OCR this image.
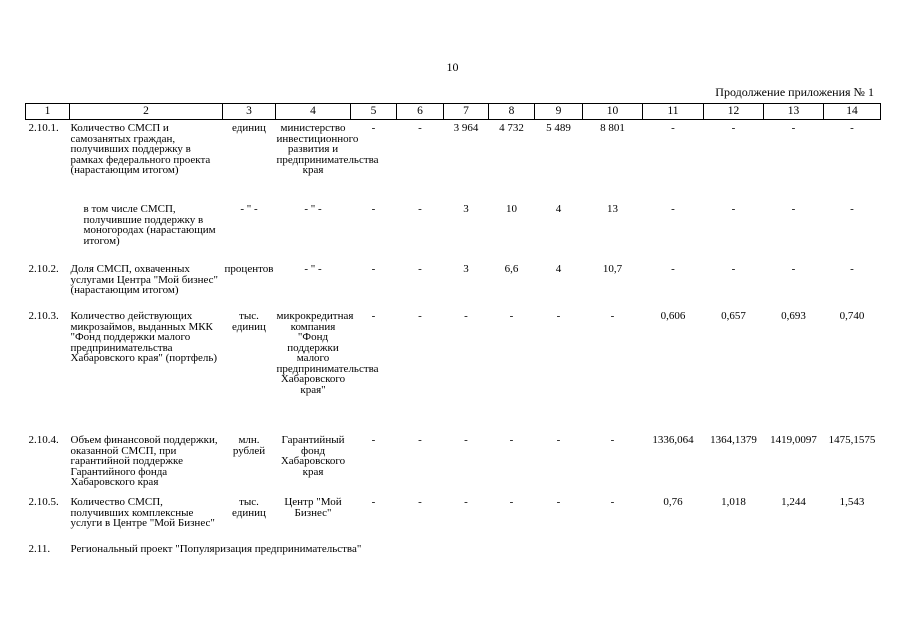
10
Продолжение приложения № 1
1	2	3	4	5	6	7	8	9	10	11	12	13	14
2.10.1.	Количество СМСП и самозанятых граждан, получивших поддержку в рамках федерального проекта (нарастающим итогом)	единиц	министерство инвестиционного развития и предпринимательства края	-	-	3 964	4 732	5 489	8 801	-	-	-	-
	в том числе СМСП, получившие поддержку в моногородах (нарастающим итогом)	- " -	- " -	-	-	3	10	4	13	-	-	-	-
2.10.2.	Доля СМСП, охваченных услугами Центра "Мой бизнес" (нарастающим итогом)	процентов	- " -	-	-	3	6,6	4	10,7	-	-	-	-
2.10.3.	Количество действующих микрозаймов, выданных МКК "Фонд поддержки малого предпринимательства Хабаровского края" (портфель)	тыс. единиц	микрокредитная компания "Фонд поддержки малого предпринимательства Хабаровского края"	-	-	-	-	-	-	0,606	0,657	0,693	0,740
2.10.4.	Объем финансовой поддержки, оказанной СМСП, при гарантийной поддержке Гарантийного фонда Хабаровского края	млн. рублей	Гарантийный фонд Хабаровского края	-	-	-	-	-	-	1336,064	1364,1379	1419,0097	1475,1575
2.10.5.	Количество СМСП, получивших комплексные услуги в Центре "Мой Бизнес"	тыс. единиц	Центр "Мой Бизнес"	-	-	-	-	-	-	0,76	1,018	1,244	1,543
2.11.	Региональный проект "Популяризация предпринимательства"												
